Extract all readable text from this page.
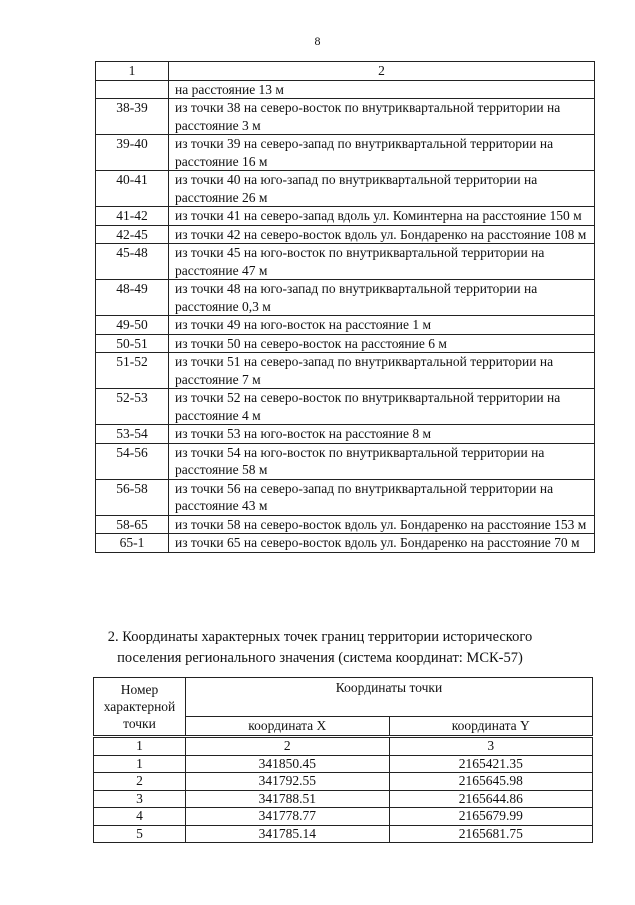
8
1	2
	на расстояние 13 м
38-39	из точки 38 на северо-восток по внутриквартальной территории на расстояние 3 м
39-40	из точки 39 на северо-запад по внутриквартальной территории на расстояние 16 м
40-41	из точки 40 на юго-запад по внутриквартальной территории на расстояние 26 м
41-42	из точки 41 на северо-запад вдоль ул. Коминтерна на расстояние 150 м
42-45	из точки 42 на северо-восток вдоль ул. Бондаренко на расстояние 108 м
45-48	из точки 45 на юго-восток по внутриквартальной территории на расстояние 47 м
48-49	из точки 48 на юго-запад по внутриквартальной территории на расстояние 0,3 м
49-50	из точки 49 на юго-восток на расстояние 1 м
50-51	из точки 50 на северо-восток на расстояние 6 м
51-52	из точки 51 на северо-запад по внутриквартальной территории на расстояние 7 м
52-53	из точки 52 на северо-восток по внутриквартальной территории на расстояние 4 м
53-54	из точки 53 на юго-восток на расстояние 8 м
54-56	из точки 54 на юго-восток по внутриквартальной территории на расстояние 58 м
56-58	из точки 56 на северо-запад по внутриквартальной территории на расстояние 43 м
58-65	из точки 58 на северо-восток вдоль ул. Бондаренко на расстояние 153 м
65-1	из точки 65 на северо-восток вдоль ул. Бондаренко на расстояние 70 м
2. Координаты характерных точек границ территории исторического поселения регионального значения (система координат: МСК-57)
Номер характерной точки	Координаты точки	
	координата X	координата Y
1	2	3
1	341850.45	2165421.35
2	341792.55	2165645.98
3	341788.51	2165644.86
4	341778.77	2165679.99
5	341785.14	2165681.75
